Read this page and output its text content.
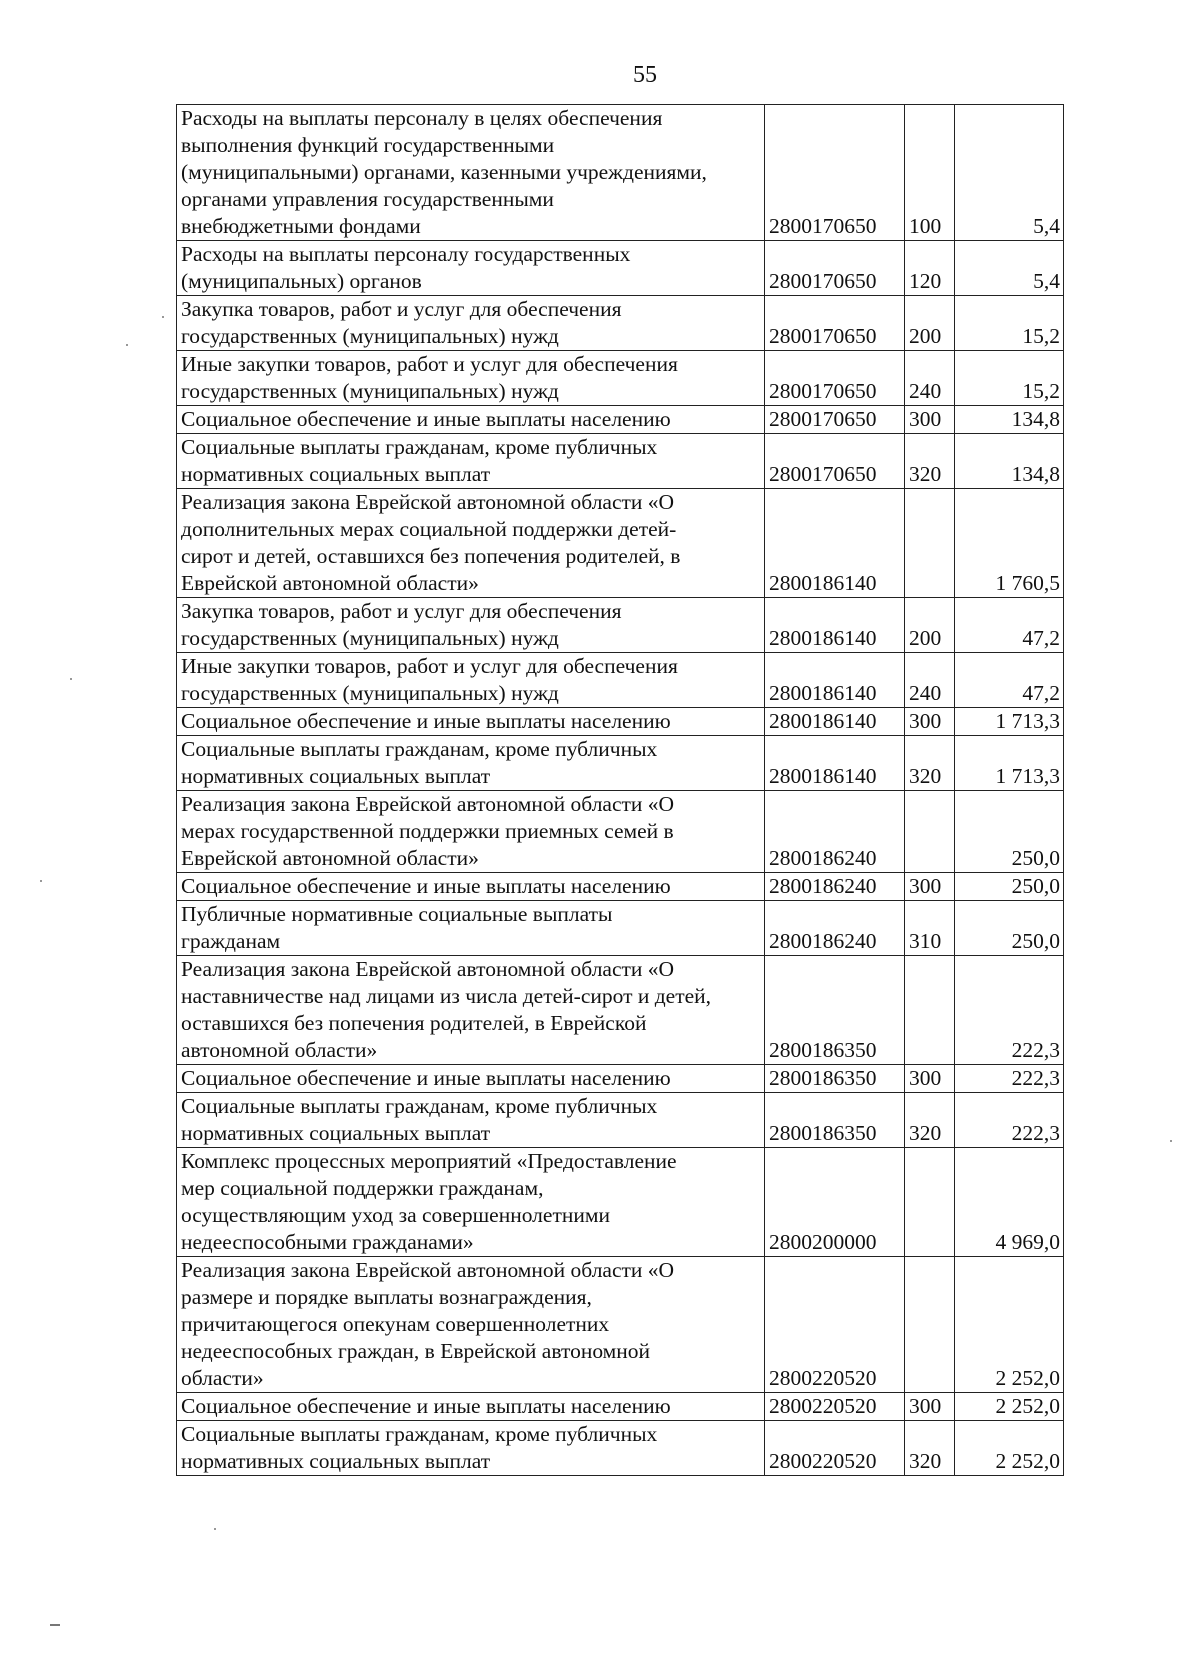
55
Расходы на выплаты персоналу в целях обеспечения
выполнения функций государственными
(муниципальными) органами, казенными учреждениями,
органами управления государственными
внебюджетными фондами	2800170650	100	5,4
Расходы на выплаты персоналу государственных
(муниципальных) органов	2800170650	120	5,4
Закупка товаров, работ и услуг для обеспечения
государственных (муниципальных) нужд	2800170650	200	15,2
Иные закупки товаров, работ и услуг для обеспечения
государственных (муниципальных) нужд	2800170650	240	15,2
Социальное обеспечение и иные выплаты населению	2800170650	300	134,8
Социальные выплаты гражданам, кроме публичных
нормативных социальных выплат	2800170650	320	134,8
Реализация закона Еврейской автономной области «О
дополнительных мерах социальной поддержки детей-
сирот и детей, оставшихся без попечения родителей, в
Еврейской автономной области»	2800186140		1 760,5
Закупка товаров, работ и услуг для обеспечения
государственных (муниципальных) нужд	2800186140	200	47,2
Иные закупки товаров, работ и услуг для обеспечения
государственных (муниципальных) нужд	2800186140	240	47,2
Социальное обеспечение и иные выплаты населению	2800186140	300	1 713,3
Социальные выплаты гражданам, кроме публичных
нормативных социальных выплат	2800186140	320	1 713,3
Реализация закона Еврейской автономной области «О
мерах государственной поддержки приемных семей в
Еврейской автономной области»	2800186240		250,0
Социальное обеспечение и иные выплаты населению	2800186240	300	250,0
Публичные нормативные социальные выплаты
гражданам	2800186240	310	250,0
Реализация закона Еврейской автономной области «О
наставничестве над лицами из числа детей-сирот и детей,
оставшихся без попечения родителей, в Еврейской
автономной области»	2800186350		222,3
Социальное обеспечение и иные выплаты населению	2800186350	300	222,3
Социальные выплаты гражданам, кроме публичных
нормативных социальных выплат	2800186350	320	222,3
Комплекс процессных мероприятий «Предоставление
мер социальной поддержки гражданам,
осуществляющим уход за совершеннолетними
недееспособными гражданами»	2800200000		4 969,0
Реализация закона Еврейской автономной области «О
размере и порядке выплаты вознаграждения,
причитающегося опекунам совершеннолетних
недееспособных граждан, в Еврейской автономной
области»	2800220520		2 252,0
Социальное обеспечение и иные выплаты населению	2800220520	300	2 252,0
Социальные выплаты гражданам, кроме публичных
нормативных социальных выплат	2800220520	320	2 252,0
